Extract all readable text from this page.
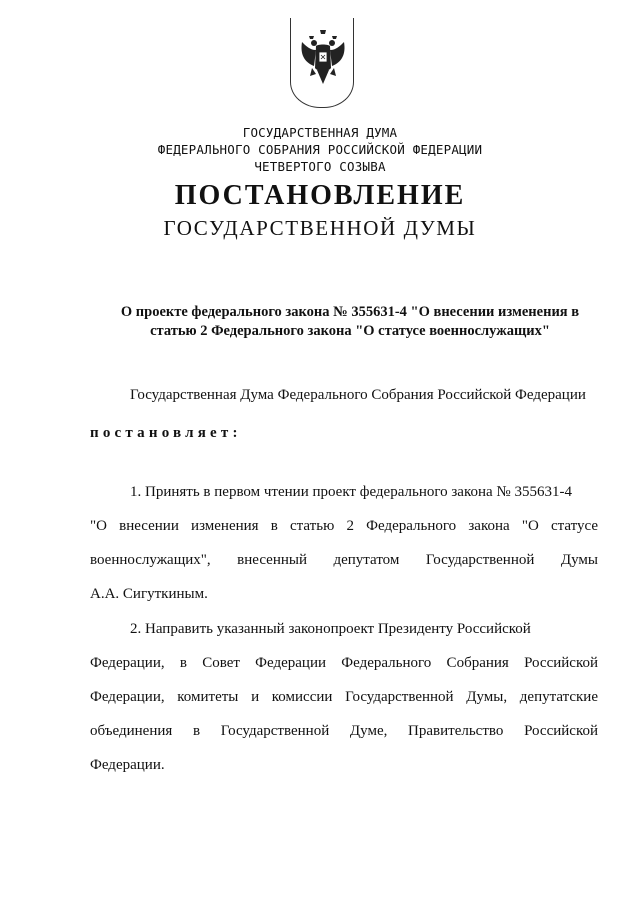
ГОСУДАРСТВЕННАЯ ДУМА
ФЕДЕРАЛЬНОГО СОБРАНИЯ РОССИЙСКОЙ ФЕДЕРАЦИИ
ЧЕТВЕРТОГО СОЗЫВА
ПОСТАНОВЛЕНИЕ
ГОСУДАРСТВЕННОЙ ДУМЫ
О проекте федерального закона № 355631-4 "О внесении изменения в
статью 2 Федерального закона "О статусе военнослужащих"
Государственная Дума Федерального Собрания Российской Федерации
постановляет:
1. Принять в первом чтении проект федерального закона № 355631-4
"О внесении изменения в статью 2 Федерального закона "О статусе
военнослужащих", внесенный депутатом Государственной Думы
А.А. Сигуткиным.
2. Направить указанный законопроект Президенту Российской
Федерации, в Совет Федерации Федерального Собрания Российской
Федерации, комитеты и комиссии Государственной Думы, депутатские
объединения в Государственной Думе, Правительство Российской
Федерации.
